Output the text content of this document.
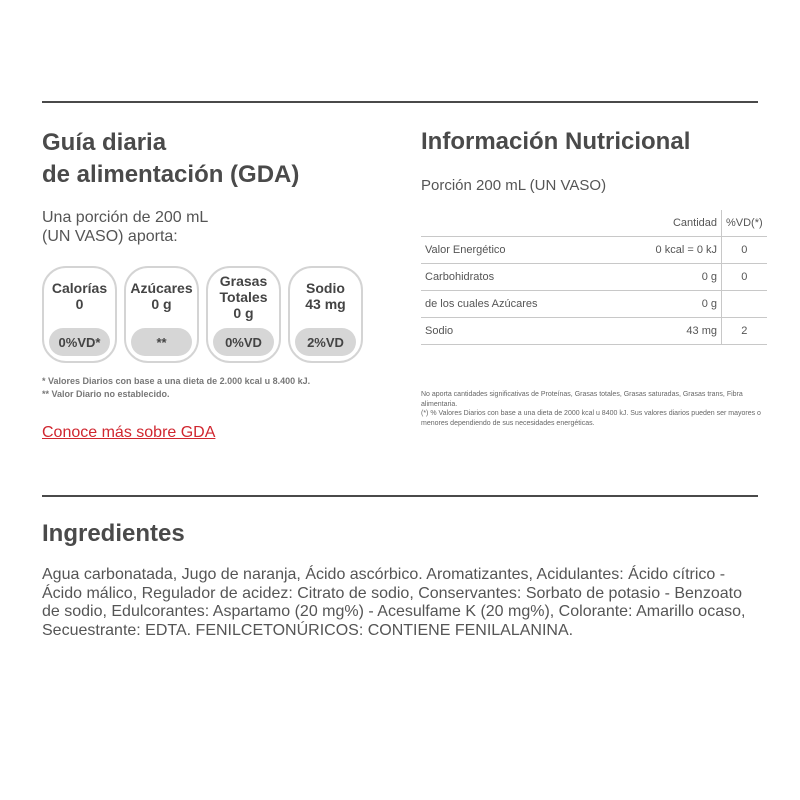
Guía diaria
de alimentación (GDA)
Una porción de 200 mL
(UN VASO) aporta:
Calorías
0
0%VD*
Azúcares
0 g
**
Grasas
Totales
0 g
0%VD
Sodio
43 mg
2%VD
* Valores Diarios con base a una dieta de 2.000 kcal u 8.400 kJ.
** Valor Diario no establecido.
Conoce más sobre GDA
Información Nutricional
Porción 200 mL (UN VASO)
	Cantidad	%VD(*)
Valor Energético	0 kcal = 0 kJ	0
Carbohidratos	0 g	0
de los cuales Azúcares	0 g	
Sodio	43 mg	2
No aporta cantidades significativas de Proteínas, Grasas totales, Grasas saturadas, Grasas trans, Fibra alimentaria.
(*) % Valores Diarios con base a una dieta de 2000 kcal u 8400 kJ. Sus valores diarios pueden ser mayores o menores dependiendo de sus necesidades energéticas.
Ingredientes
Agua carbonatada, Jugo de naranja, Ácido ascórbico. Aromatizantes, Acidulantes: Ácido cítrico - Ácido málico, Regulador de acidez: Citrato de sodio, Conservantes: Sorbato de potasio - Benzoato de sodio, Edulcorantes: Aspartamo (20 mg%) - Acesulfame K (20 mg%), Colorante: Amarillo ocaso, Secuestrante: EDTA. FENILCETONÚRICOS: CONTIENE FENILALANINA.
